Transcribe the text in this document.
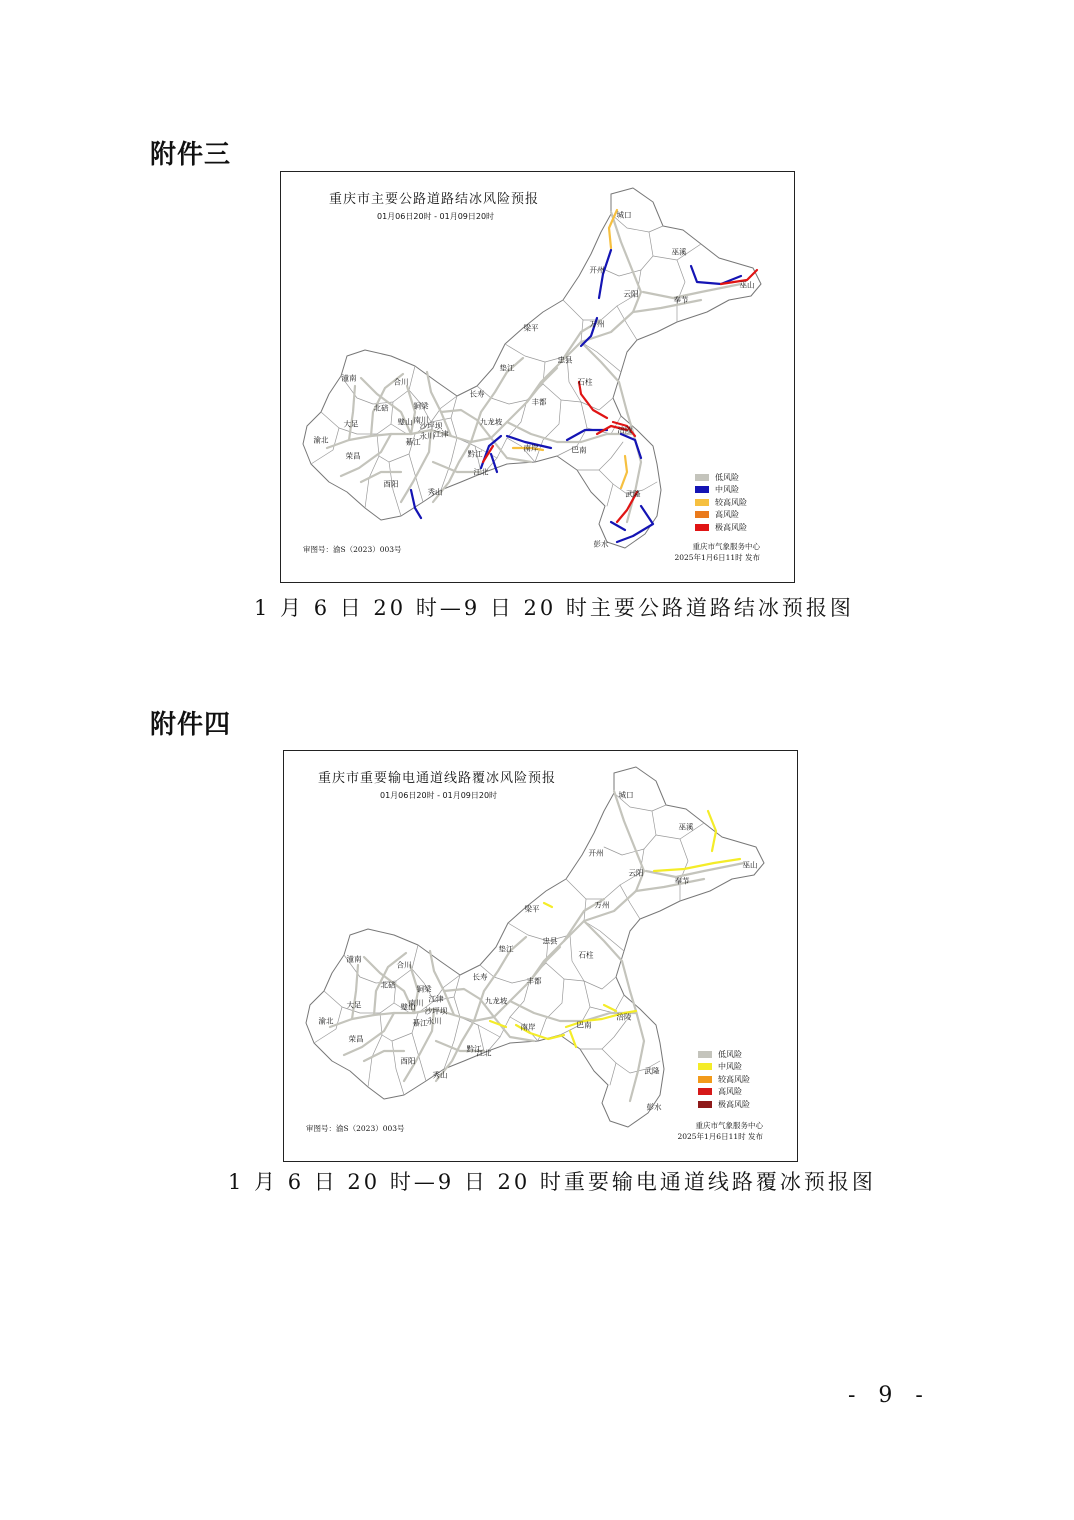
附件三
重庆市主要公路道路结冰风险预报
01月06日20时 - 01月09日20时
低风险
中风险
较高风险
高风险
极高风险
审图号：渝S（2023）003号	重庆市气象服务中心
2025年1月6日11时 发布
城口
巫溪
开州
云阳
奉节
巫山
梁平	万州
忠县
垫江
石柱
长寿
丰都
潼南	合川
北碚	铜梁
大足	璧山 沙坪坝
渝北
荣昌
永川
九龙坡
江北
南岸	巴南
涪陵
武隆
彭水
黔江
酉阳
秀山
南川
江津
綦江
1 月 6 日 20 时—9 日 20 时主要公路道路结冰预报图
附件四
重庆市重要输电通道线路覆冰风险预报
01月06日20时 - 01月09日20时
低风险
中风险
较高风险
高风险
极高风险
审图号：渝S（2023）003号	重庆市气象服务中心
2025年1月6日11时 发布
城口
巫溪
开州
云阳
奉节
巫山
梁平	万州
忠县
垫江
石柱
长寿	丰都
潼南
合川
北碚	铜梁
大足	璧山 沙坪坝
渝北
荣昌
永川
九龙坡
江北
南岸	巴南
涪陵
武隆
彭水
黔江
酉阳
秀山
南川 江津
綦江
1 月 6 日 20 时—9 日 20 时重要输电通道线路覆冰预报图
- 9 -
